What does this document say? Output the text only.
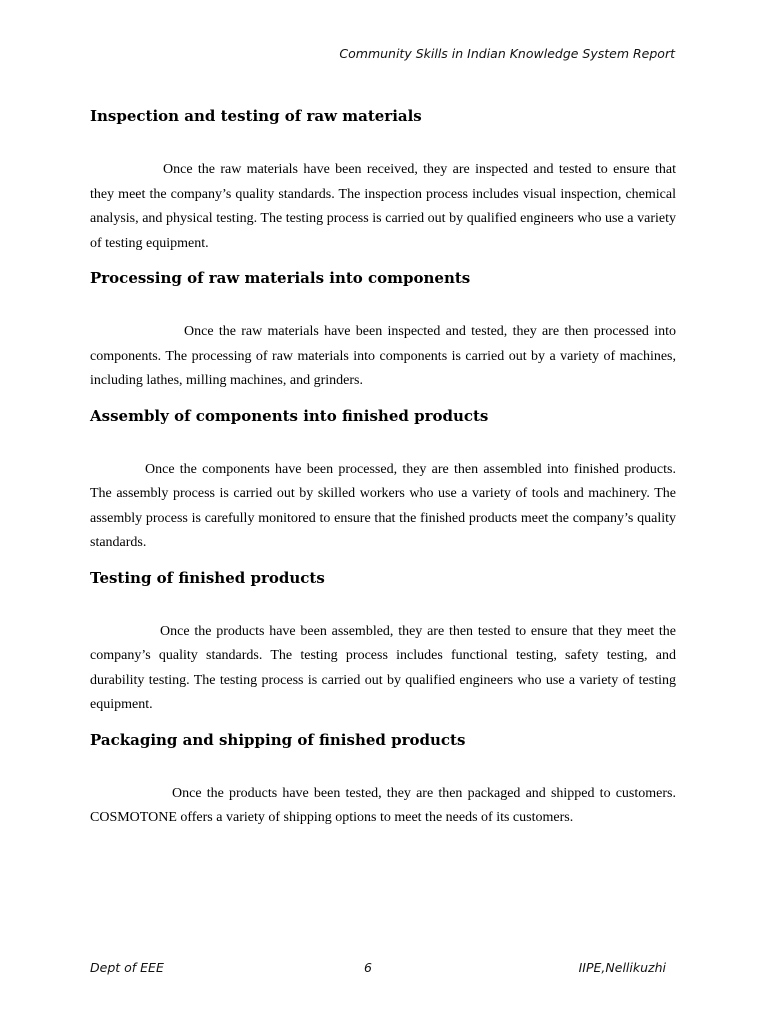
Community Skills in Indian Knowledge System Report
Inspection and testing of raw materials

Once the raw materials have been received, they are inspected and tested to ensure that they meet the company’s quality standards. The inspection process includes visual inspection, chemical analysis, and physical testing. The testing process is carried out by qualified engineers who use a variety of testing equipment.

Processing of raw materials into components

Once the raw materials have been inspected and tested, they are then processed into components. The processing of raw materials into components is carried out by a variety of machines, including lathes, milling machines, and grinders.

Assembly of components into finished products

Once the components have been processed, they are then assembled into finished products. The assembly process is carried out by skilled workers who use a variety of tools and machinery. The assembly process is carefully monitored to ensure that the finished products meet the company’s quality standards.

Testing of finished products

Once the products have been assembled, they are then tested to ensure that they meet the company’s quality standards. The testing process includes functional testing, safety testing, and durability testing. The testing process is carried out by qualified engineers who use a variety of testing equipment.

Packaging and shipping of finished products

Once the products have been tested, they are then packaged and shipped to customers. COSMOTONE offers a variety of shipping options to meet the needs of its customers.

Dept of EEE	6	IIPE,Nellikuzhi
